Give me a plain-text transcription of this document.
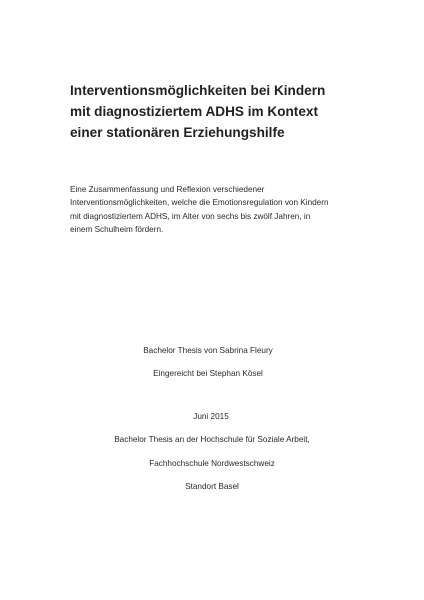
Interventionsmöglichkeiten bei Kindern
mit diagnostiziertem ADHS im Kontext
einer stationären Erziehungshilfe
Eine Zusammenfassung und Reflexion verschiedener
Interventionsmöglichkeiten, welche die Emotionsregulation von Kindern
mit diagnostiziertem ADHS, im Alter von sechs bis zwölf Jahren, in
einem Schulheim fördern.
Bachelor Thesis von Sabrina Fleury
Eingereicht bei Stephan Kösel
Juni 2015
Bachelor Thesis an der Hochschule für Soziale Arbeit,
Fachhochschule Nordwestschweiz
Standort Basel
